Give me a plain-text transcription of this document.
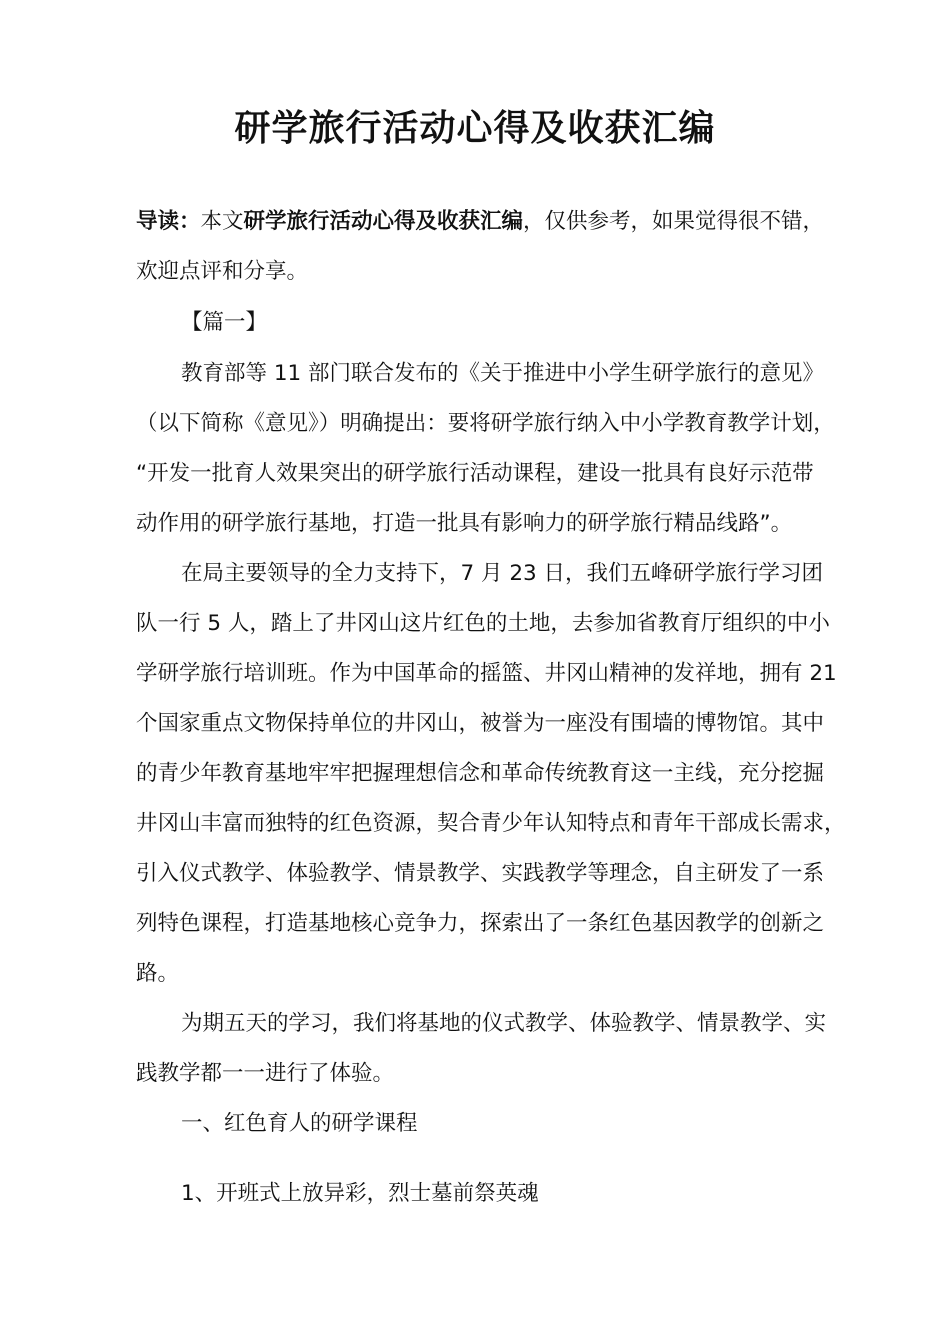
研学旅行活动心得及收获汇编
导读：本文研学旅行活动心得及收获汇编，仅供参考，如果觉得很不错，
欢迎点评和分享。
【篇一】
教育部等 11 部门联合发布的《关于推进中小学生研学旅行的意见》
（以下简称《意见》）明确提出：要将研学旅行纳入中小学教育教学计划，
“开发一批育人效果突出的研学旅行活动课程，建设一批具有良好示范带
动作用的研学旅行基地，打造一批具有影响力的研学旅行精品线路”。
在局主要领导的全力支持下，7 月 23 日，我们五峰研学旅行学习团
队一行 5 人，踏上了井冈山这片红色的土地，去参加省教育厅组织的中小
学研学旅行培训班。作为中国革命的摇篮、井冈山精神的发祥地，拥有 21
个国家重点文物保持单位的井冈山，被誉为一座没有围墙的博物馆。其中
的青少年教育基地牢牢把握理想信念和革命传统教育这一主线，充分挖掘
井冈山丰富而独特的红色资源，契合青少年认知特点和青年干部成长需求，
引入仪式教学、体验教学、情景教学、实践教学等理念，自主研发了一系
列特色课程，打造基地核心竞争力，探索出了一条红色基因教学的创新之
路。
为期五天的学习，我们将基地的仪式教学、体验教学、情景教学、实
践教学都一一进行了体验。
一、红色育人的研学课程
1、开班式上放异彩，烈士墓前祭英魂
